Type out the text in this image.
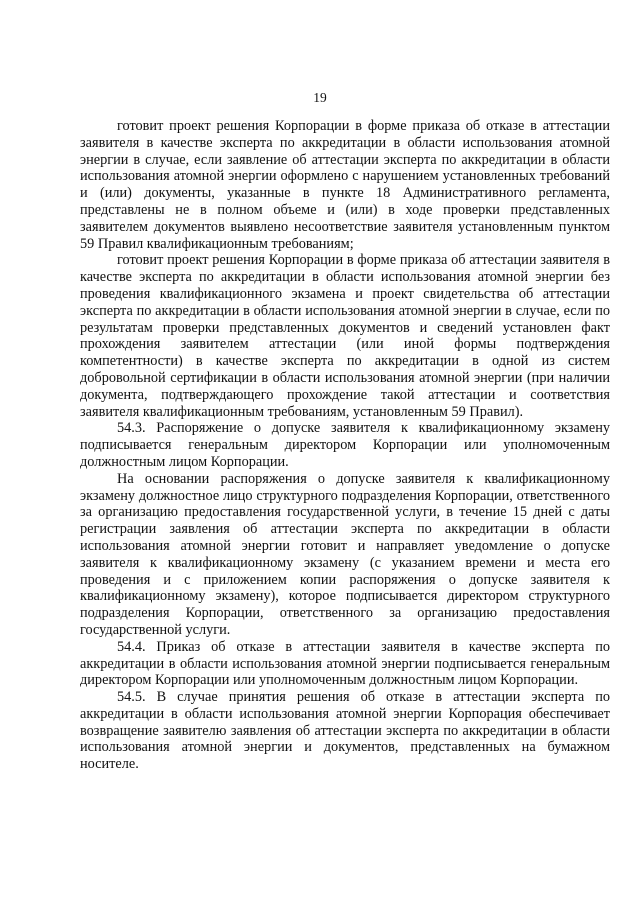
19

готовит проект решения Корпорации в форме приказа об отказе в аттестации заявителя в качестве эксперта по аккредитации в области использования атомной энергии в случае, если заявление об аттестации эксперта по аккредитации в области использования атомной энергии оформлено с нарушением установленных требований и (или) документы, указанные в пункте 18 Административного регламента, представлены не в полном объеме и (или) в ходе проверки представленных заявителем документов выявлено несоответствие заявителя установленным пунктом 59 Правил квалификационным требованиям;

готовит проект решения Корпорации в форме приказа об аттестации заявителя в качестве эксперта по аккредитации в области использования атомной энергии без проведения квалификационного экзамена и проект свидетельства об аттестации эксперта по аккредитации в области использования атомной энергии в случае, если по результатам проверки представленных документов и сведений установлен факт прохождения заявителем аттестации (или иной формы подтверждения компетентности) в качестве эксперта по аккредитации в одной из систем добровольной сертификации в области использования атомной энергии (при наличии документа, подтверждающего прохождение такой аттестации и соответствия заявителя квалификационным требованиям, установленным 59 Правил).

54.3. Распоряжение о допуске заявителя к квалификационному экзамену подписывается генеральным директором Корпорации или уполномоченным должностным лицом Корпорации.

На основании распоряжения о допуске заявителя к квалификационному экзамену должностное лицо структурного подразделения Корпорации, ответственного за организацию предоставления государственной услуги, в течение 15 дней с даты регистрации заявления об аттестации эксперта по аккредитации в области использования атомной энергии готовит и направляет уведомление о допуске заявителя к квалификационному экзамену (с указанием времени и места его проведения и с приложением копии распоряжения о допуске заявителя к квалификационному экзамену), которое подписывается директором структурного подразделения Корпорации, ответственного за организацию предоставления государственной услуги.

54.4. Приказ об отказе в аттестации заявителя в качестве эксперта по аккредитации в области использования атомной энергии подписывается генеральным директором Корпорации или уполномоченным должностным лицом Корпорации.

54.5. В случае принятия решения об отказе в аттестации эксперта по аккредитации в области использования атомной энергии Корпорация обеспечивает возвращение заявителю заявления об аттестации эксперта по аккредитации в области использования атомной энергии и документов, представленных на бумажном носителе.
